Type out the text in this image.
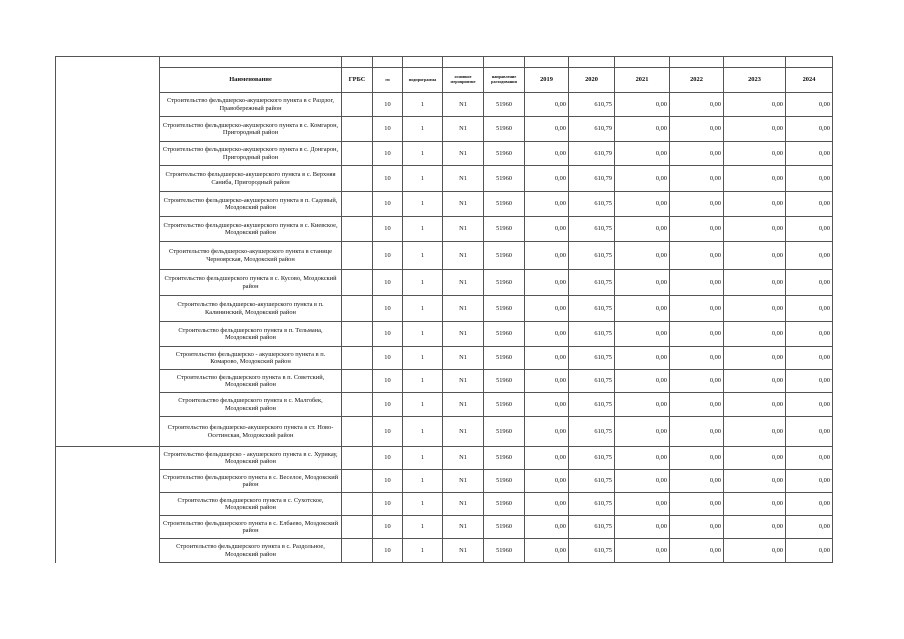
	Наименование	ГРБС	гп	подпрограмма	основное мероприятие	направление расходования	2019	2020	2021	2022	2023	2024
	Строительство фельдшерско-акушерского пункта в с Раздзог, Правобережный район		10	1	N1	51960	0,00	610,75	0,00	0,00	0,00	0,00
	Строительство фельдшерско-акушерского пункта в с. Комгарон, Пригородный район		10	1	N1	51960	0,00	610,79	0,00	0,00	0,00	0,00
	Строительство фельдшерско-акушерского пункта в с. Донгарон, Пригородный район		10	1	N1	51960	0,00	610,79	0,00	0,00	0,00	0,00
	Строительство фельдшерско-акушерского пункта в с. Верхняя Саниба, Пригородный район		10	1	N1	51960	0,00	610,79	0,00	0,00	0,00	0,00
	Строительство фельдшерско-акушерского пункта в п. Садовый, Моздокский район		10	1	N1	51960	0,00	610,75	0,00	0,00	0,00	0,00
	Строительство фельдшерско-акушерского пункта в с. Киевское, Моздокский район		10	1	N1	51960	0,00	610,75	0,00	0,00	0,00	0,00
	Строительство фельдшерско-акушерского пункта в станице Черноярская, Моздокский район		10	1	N1	51960	0,00	610,75	0,00	0,00	0,00	0,00
	Строительство фельдшерского пункта в с. Кусово, Моздокский район		10	1	N1	51960	0,00	610,75	0,00	0,00	0,00	0,00
	Строительство фельдшерско-акушерского пункта в п. Калининский, Моздокский район		10	1	N1	51960	0,00	610,75	0,00	0,00	0,00	0,00
	Строительство фельдшерского пункта в п. Тельмана, Моздокский район		10	1	N1	51960	0,00	610,75	0,00	0,00	0,00	0,00
	Строительство фельдшерско - акушерского пункта в п. Комарово, Моздокский район		10	1	N1	51960	0,00	610,75	0,00	0,00	0,00	0,00
	Строительство фельдшерского пункта в п. Советский, Моздокский район		10	1	N1	51960	0,00	610,75	0,00	0,00	0,00	0,00
	Строительство фельдшерского пункта в с. Малгобек, Моздокский район		10	1	N1	51960	0,00	610,75	0,00	0,00	0,00	0,00
	Строительство фельдшерско-акушерского пункта в ст. Ново-Осетинская, Моздокский район		10	1	N1	51960	0,00	610,75	0,00	0,00	0,00	0,00
	Строительство фельдшерско - акушерского пункта в с. Хурикау, Моздокский район		10	1	N1	51960	0,00	610,75	0,00	0,00	0,00	0,00
	Строительство фельдшерского пункта в с. Веселое, Моздокский район		10	1	N1	51960	0,00	610,75	0,00	0,00	0,00	0,00
	Строительство фельдшерского пункта в с. Сухотское, Моздокский район		10	1	N1	51960	0,00	610,75	0,00	0,00	0,00	0,00
	Строительство фельдшерского пункта в с. Елбаево, Моздокский район		10	1	N1	51960	0,00	610,75	0,00	0,00	0,00	0,00
	Строительство фельдшерского пункта в с. Раздольное, Моздокский район		10	1	N1	51960	0,00	610,75	0,00	0,00	0,00	0,00
